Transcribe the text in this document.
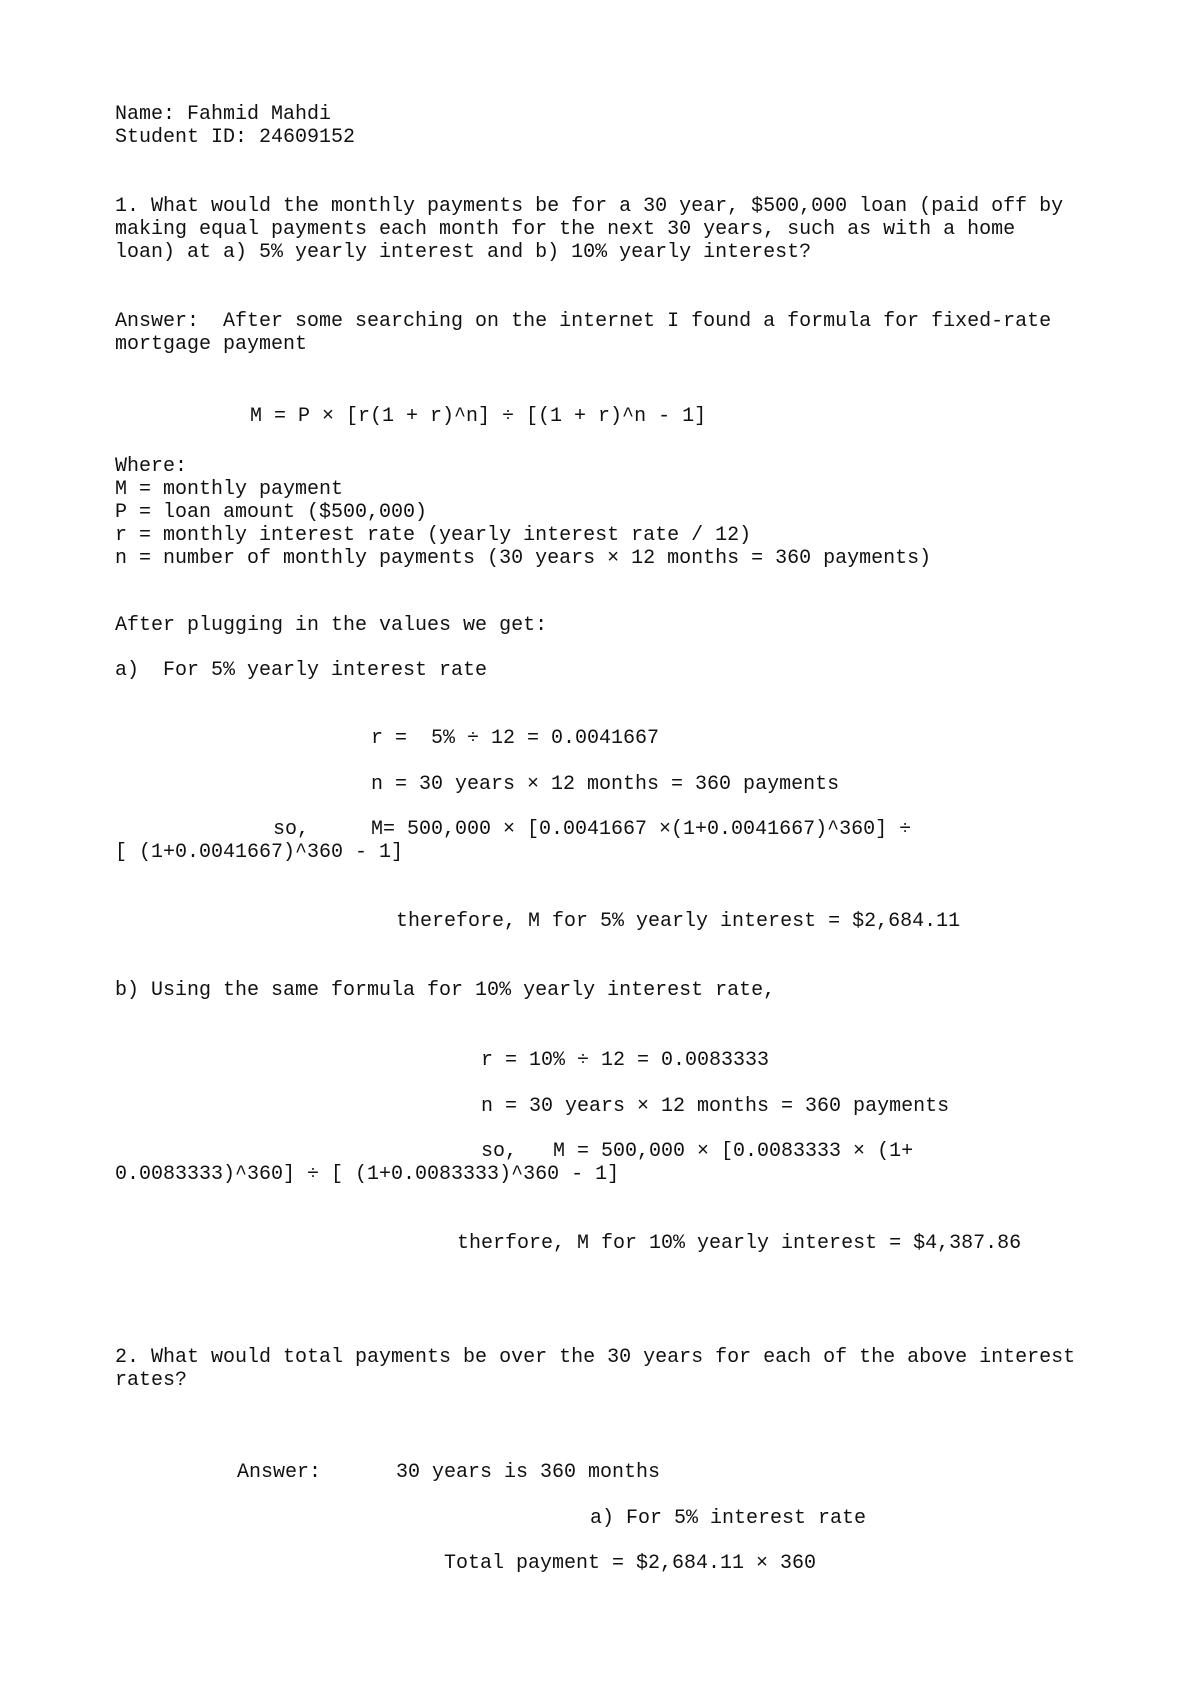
Name: Fahmid Mahdi
Student ID: 24609152
1. What would the monthly payments be for a 30 year, $500,000 loan (paid off by
making equal payments each month for the next 30 years, such as with a home
loan) at a) 5% yearly interest and b) 10% yearly interest?
Answer:  After some searching on the internet I found a formula for fixed-rate
mortgage payment
M = P × [r(1 + r)^n] ÷ [(1 + r)^n - 1]
Where:
M = monthly payment
P = loan amount ($500,000)
r = monthly interest rate (yearly interest rate / 12)
n = number of monthly payments (30 years × 12 months = 360 payments)
After plugging in the values we get:
a)  For 5% yearly interest rate
r =  5% ÷ 12 = 0.0041667
n = 30 years × 12 months = 360 payments
so,	M= 500,000 × [0.0041667 ×(1+0.0041667)^360] ÷
[ (1+0.0041667)^360 - 1]
therefore, M for 5% yearly interest = $2,684.11
b) Using the same formula for 10% yearly interest rate,
r = 10% ÷ 12 = 0.0083333
n = 30 years × 12 months = 360 payments
so,   M = 500,000 × [0.0083333 × (1+
0.0083333)^360] ÷ [ (1+0.0083333)^360 - 1]
therfore, M for 10% yearly interest = $4,387.86
2. What would total payments be over the 30 years for each of the above interest
rates?
Answer:	30 years is 360 months
a) For 5% interest rate
Total payment = $2,684.11 × 360
